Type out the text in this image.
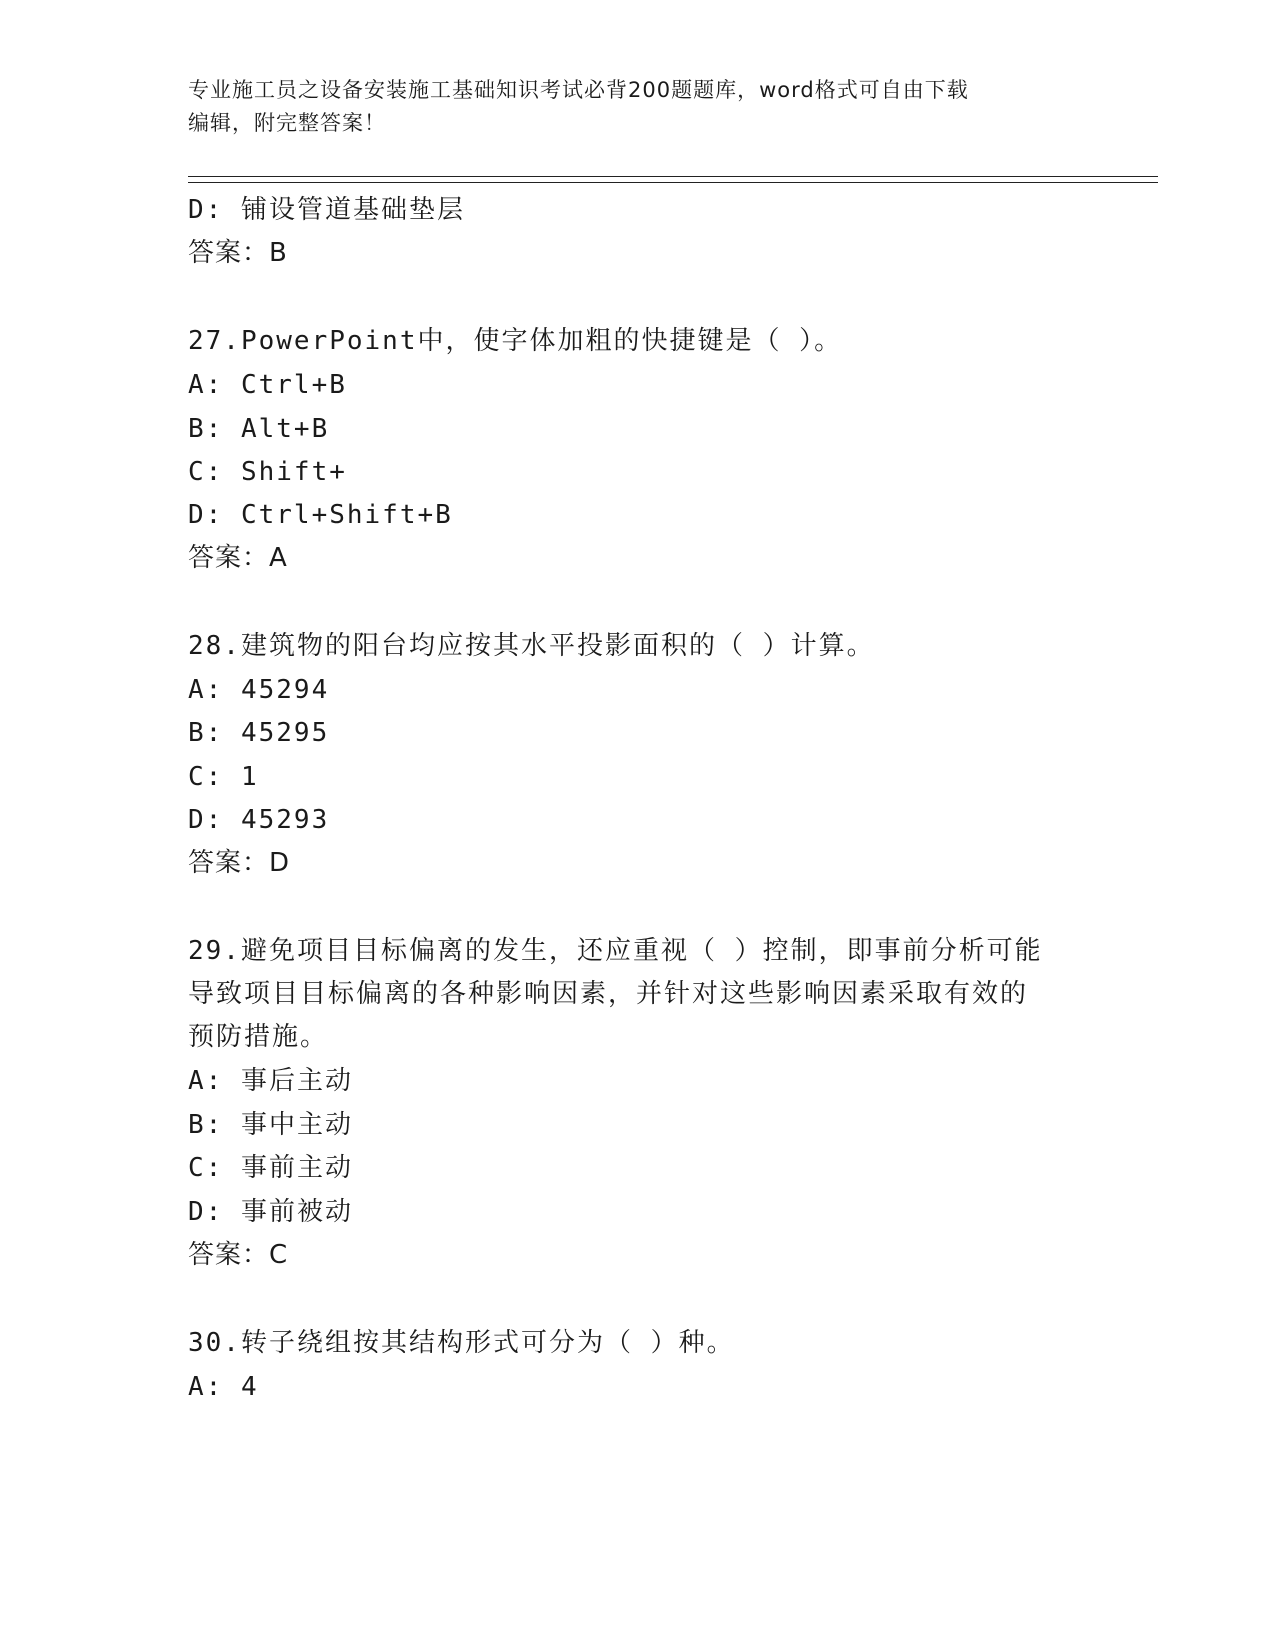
专业施工员之设备安装施工基础知识考试必背200题题库，word格式可自由下载
编辑，附完整答案！
D: 铺设管道基础垫层
答案：B
27.PowerPoint中，使字体加粗的快捷键是（ ）。
A: Ctrl+B
B: Alt+B
C: Shift+
D: Ctrl+Shift+B
答案：A
28.建筑物的阳台均应按其水平投影面积的（ ）计算。
A: 45294
B: 45295
C: 1
D: 45293
答案：D
29.避免项目目标偏离的发生，还应重视（ ）控制，即事前分析可能
导致项目目标偏离的各种影响因素，并针对这些影响因素采取有效的
预防措施。
A: 事后主动
B: 事中主动
C: 事前主动
D: 事前被动
答案：C
30.转子绕组按其结构形式可分为（ ）种。
A: 4
